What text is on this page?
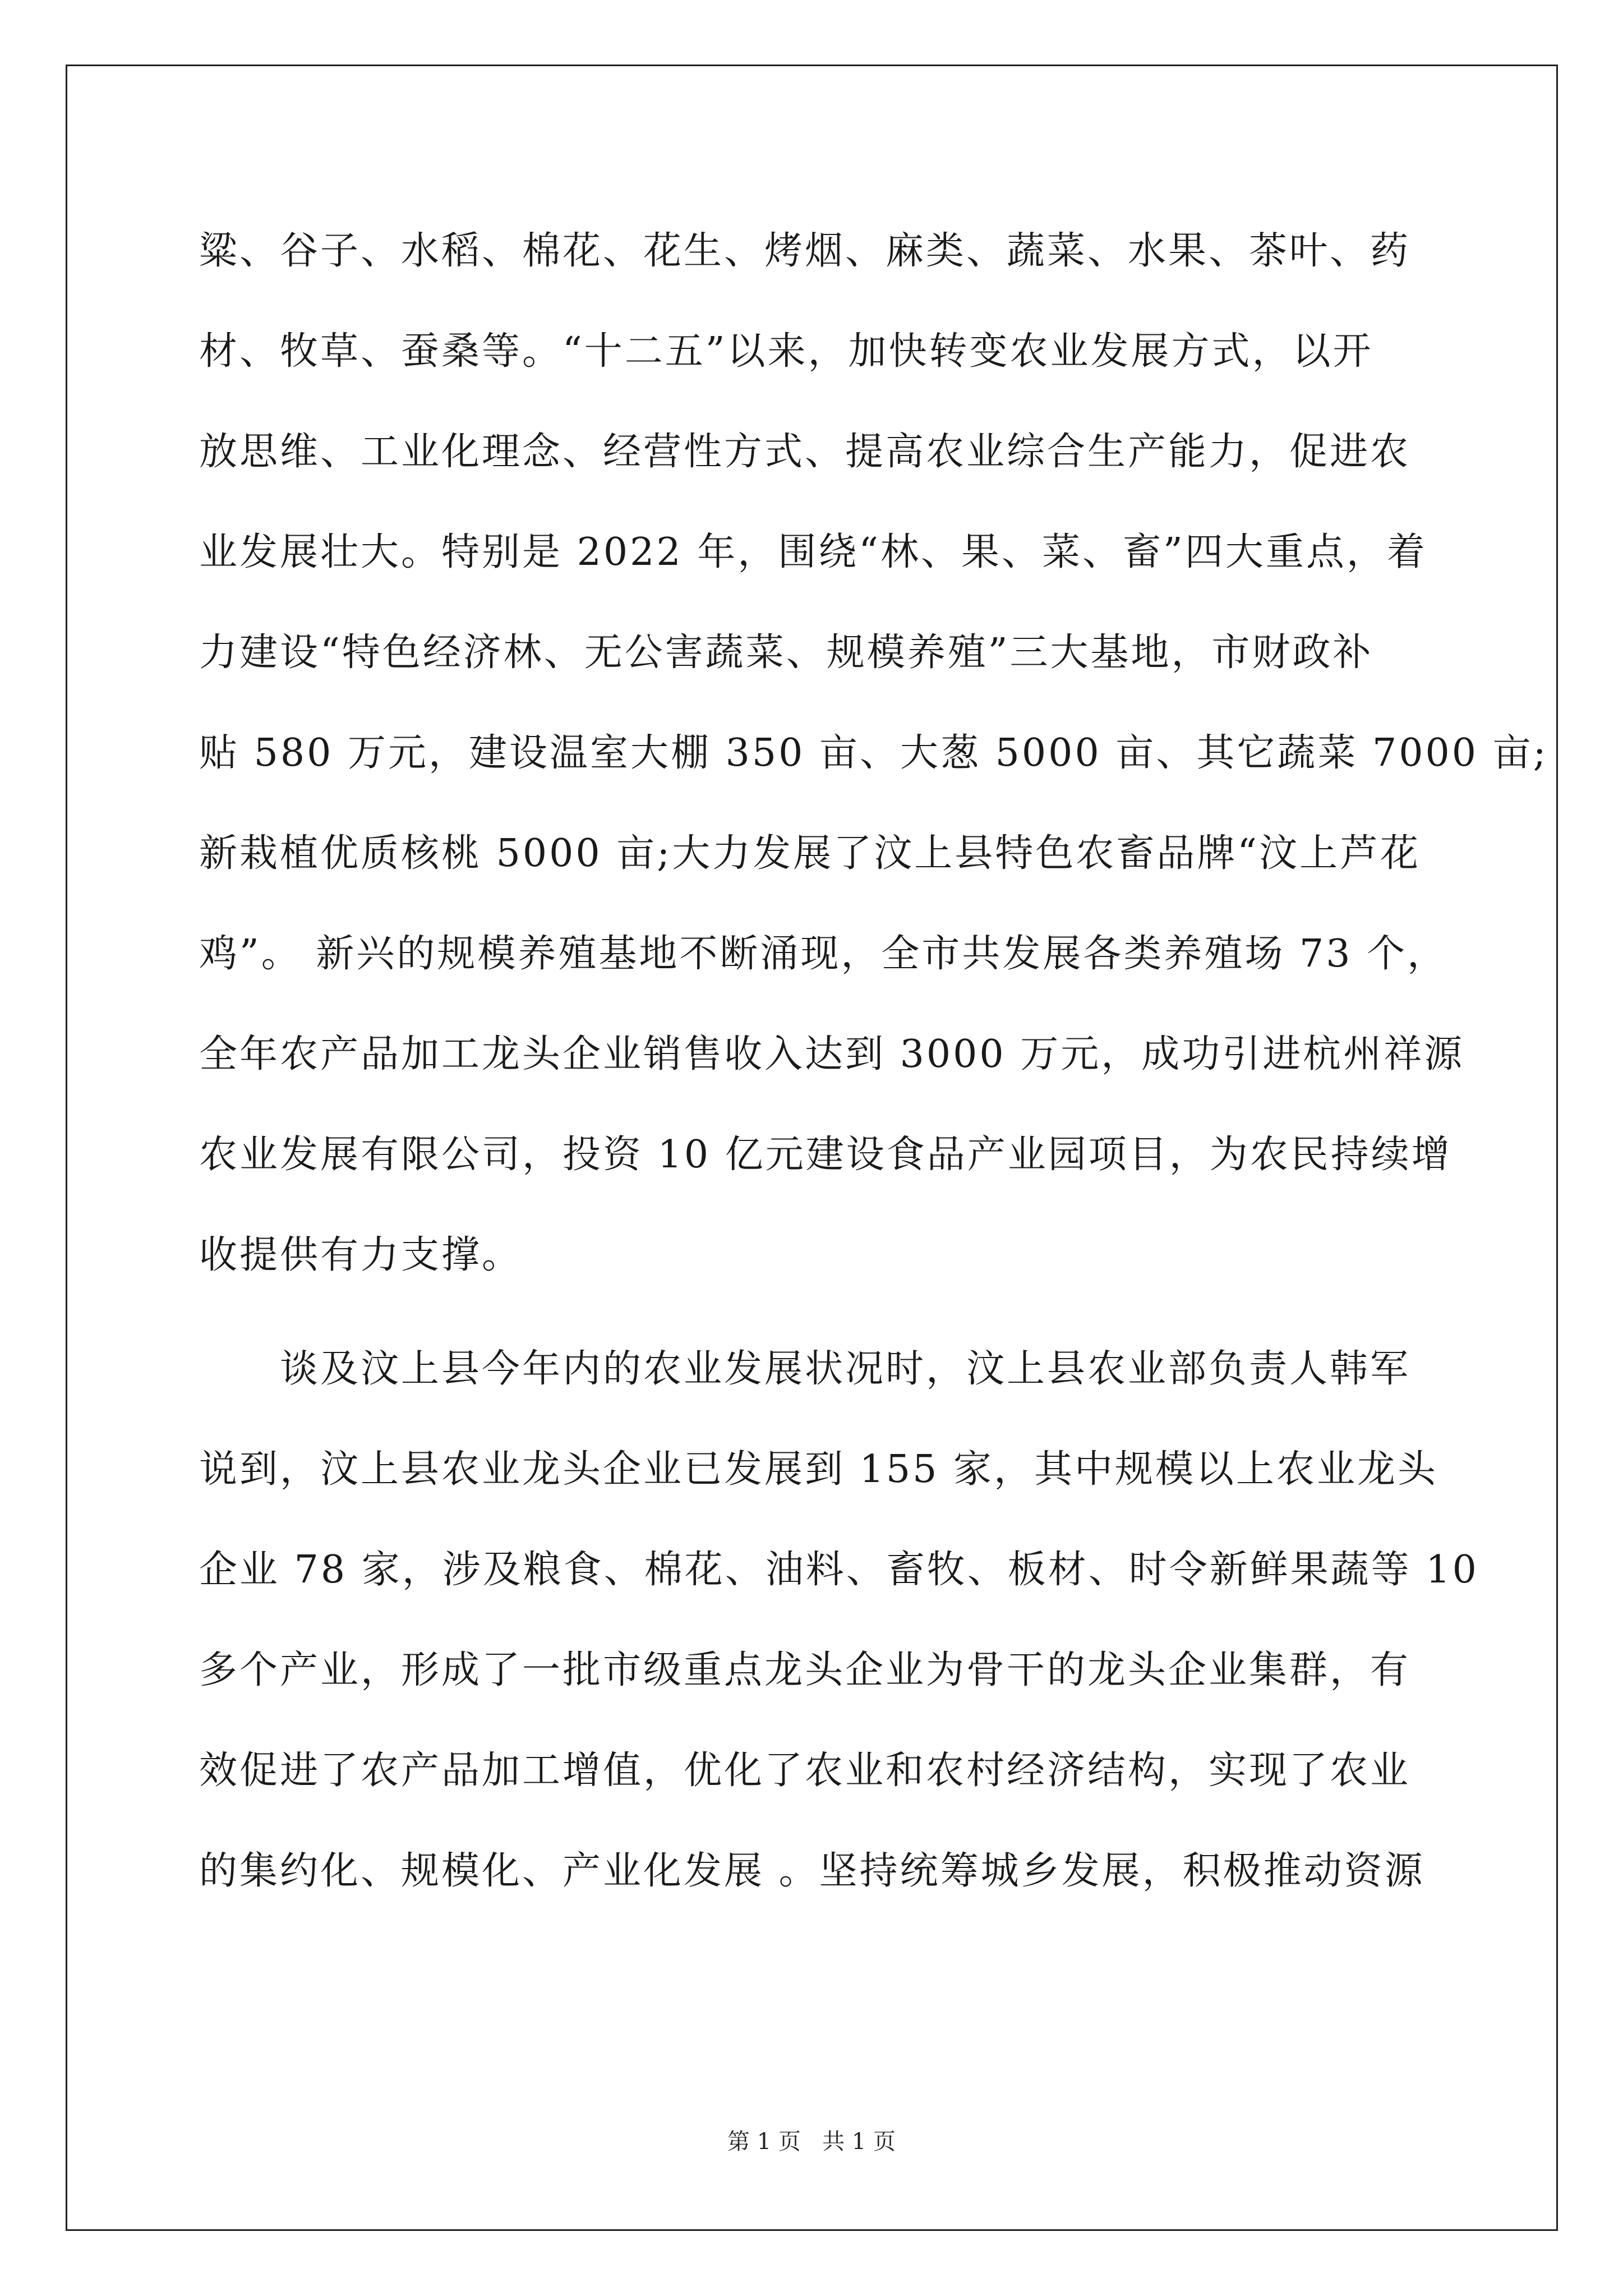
粱、谷子、水稻、棉花、花生、烤烟、麻类、蔬菜、水果、茶叶、药
材、牧草、蚕桑等。“十二五”以来，加快转变农业发展方式，以开
放思维、工业化理念、经营性方式、提高农业综合生产能力，促进农
业发展壮大。特别是 2022 年，围绕“林、果、菜、畜”四大重点，着
力建设“特色经济林、无公害蔬菜、规模养殖”三大基地，市财政补
贴 580 万元，建设温室大棚 350 亩、大葱 5000 亩、其它蔬菜 7000 亩;
新栽植优质核桃 5000 亩;大力发展了汶上县特色农畜品牌“汶上芦花
鸡”。 新兴的规模养殖基地不断涌现，全市共发展各类养殖场 73 个，
全年农产品加工龙头企业销售收入达到 3000 万元，成功引进杭州祥源
农业发展有限公司，投资 10 亿元建设食品产业园项目，为农民持续增
收提供有力支撑。
　　谈及汶上县今年内的农业发展状况时，汶上县农业部负责人韩军
说到，汶上县农业龙头企业已发展到 155 家，其中规模以上农业龙头
企业 78 家，涉及粮食、棉花、油料、畜牧、板材、时令新鲜果蔬等 10
多个产业，形成了一批市级重点龙头企业为骨干的龙头企业集群，有
效促进了农产品加工增值，优化了农业和农村经济结构，实现了农业
的集约化、规模化、产业化发展 。坚持统筹城乡发展，积极推动资源
第 1 页   共 1 页
